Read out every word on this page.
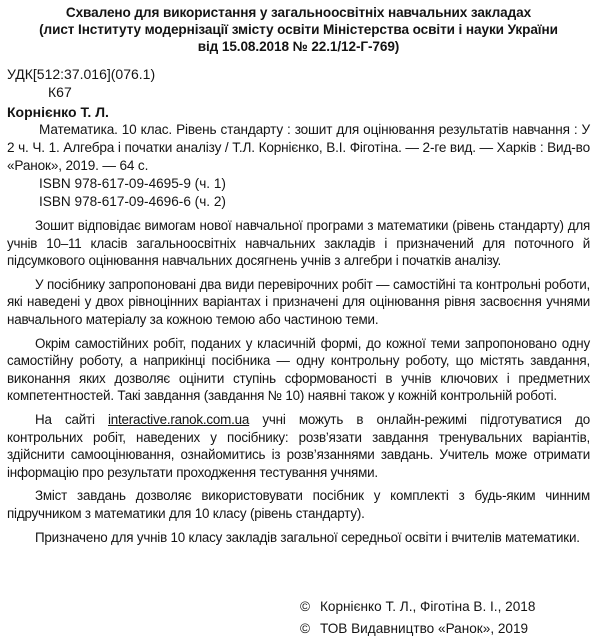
Схвалено для використання у загальноосвітніх навчальних закладах
(лист Інституту модернізації змісту освіти Міністерства освіти і науки України
від 15.08.2018 № 22.1/12-Г-769)
УДК[512:37.016](076.1)
К67
Корнієнко Т. Л.
Математика. 10 клас. Рівень стандарту : зошит для оцінювання результатів навчання : У 2 ч. Ч. 1. Алгебра і початки аналізу / Т.Л. Корнієнко, В.І. Фіготіна. — 2-ге вид. — Харків : Вид-во «Ранок», 2019. — 64 с.
ISBN 978-617-09-4695-9 (ч. 1)
ISBN 978-617-09-4696-6 (ч. 2)

Зошит відповідає вимогам нової навчальної програми з математики (рівень стандарту) для учнів 10–11 класів загальноосвітніх навчальних закладів і призначений для поточного й підсумкового оцінювання навчальних досягнень учнів з алгебри і початків аналізу.

У посібнику запропоновані два види перевірочних робіт — самостійні та контрольні роботи, які наведені у двох рівноцінних варіантах і призначені для оцінювання рівня засвоєння учнями навчального матеріалу за кожною темою або частиною теми.

Окрім самостійних робіт, поданих у класичній формі, до кожної теми запропоновано одну самостійну роботу, а наприкінці посібника — одну контрольну роботу, що містять завдання, виконання яких дозволяє оцінити ступінь сформованості в учнів ключових і предметних компетентностей. Такі завдання (завдання № 10) наявні також у кожній контрольній роботі.

На сайті interactive.ranok.com.ua учні можуть в онлайн-режимі підготуватися до контрольних робіт, наведених у посібнику: розв’язати завдання тренувальних варіантів, здійснити самооцінювання, ознайомитись із розв’язаннями завдань. Учитель може отримати інформацію про результати проходження тестування учнями.

Зміст завдань дозволяє використовувати посібник у комплекті з будь-яким чинним підручником з математики для 10 класу (рівень стандарту).

Призначено для учнів 10 класу закладів загальної середньої освіти і вчителів математики.

© Корнієнко Т. Л., Фіготіна В. І., 2018
© ТОВ Видавництво «Ранок», 2019
